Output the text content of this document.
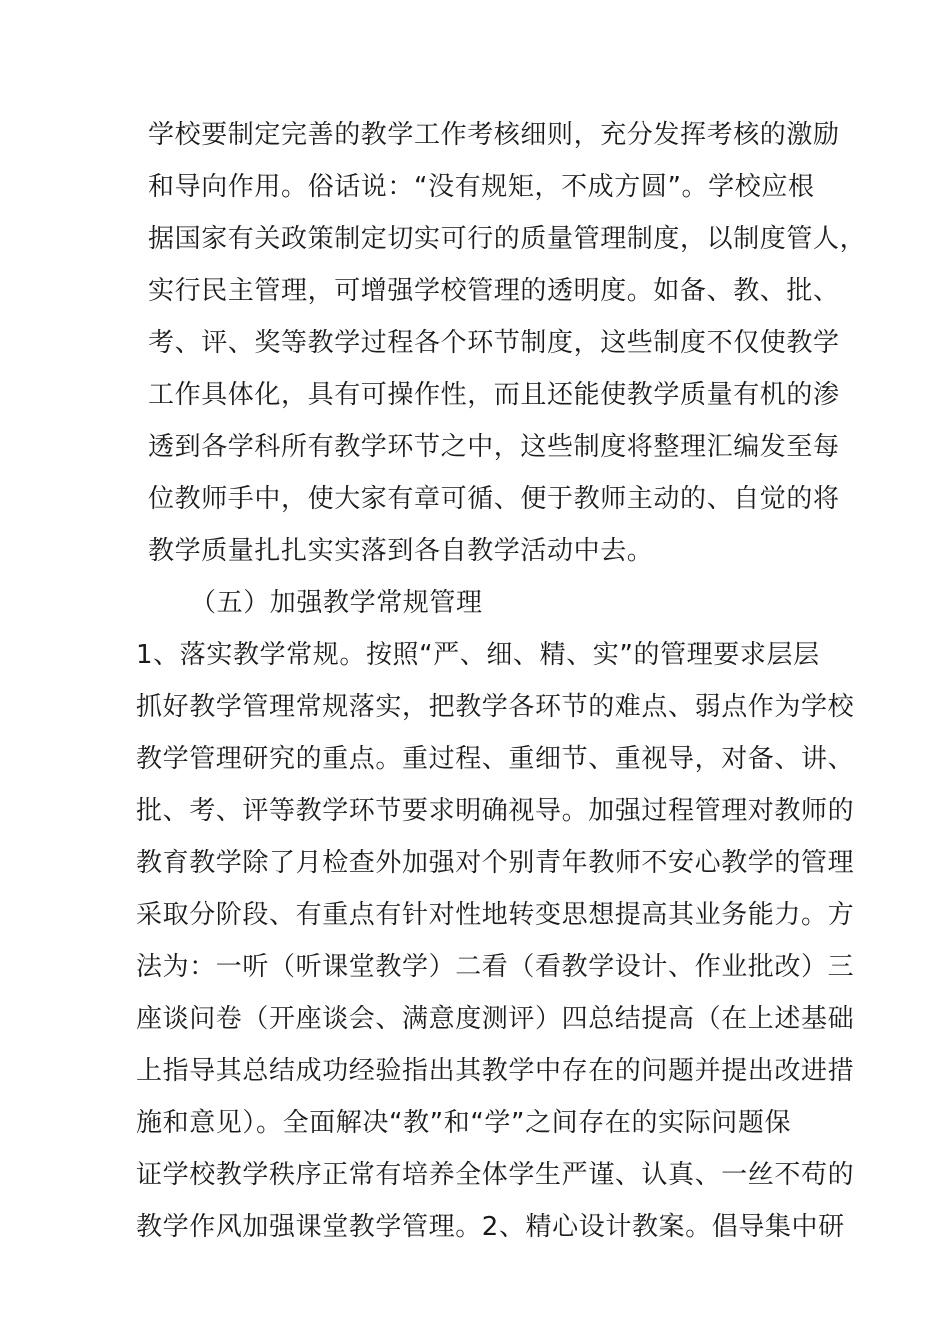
学校要制定完善的教学工作考核细则，充分发挥考核的激励
和导向作用。俗话说：“没有规矩，不成方圆”。学校应根
据国家有关政策制定切实可行的质量管理制度，以制度管人，
实行民主管理，可增强学校管理的透明度。如备、教、批、
考、评、奖等教学过程各个环节制度，这些制度不仅使教学
工作具体化，具有可操作性，而且还能使教学质量有机的渗
透到各学科所有教学环节之中，这些制度将整理汇编发至每
位教师手中，使大家有章可循、便于教师主动的、自觉的将
教学质量扎扎实实落到各自教学活动中去。
（五）加强教学常规管理
1、落实教学常规。按照“严、细、精、实”的管理要求层层
抓好教学管理常规落实，把教学各环节的难点、弱点作为学校
教学管理研究的重点。重过程、重细节、重视导，对备、讲、
批、考、评等教学环节要求明确视导。加强过程管理对教师的
教育教学除了月检查外加强对个别青年教师不安心教学的管理
采取分阶段、有重点有针对性地转变思想提高其业务能力。方
法为：一听（听课堂教学）二看（看教学设计、作业批改）三
座谈问卷（开座谈会、满意度测评）四总结提高（在上述基础
上指导其总结成功经验指出其教学中存在的问题并提出改进措
施和意见）。全面解决“教”和“学”之间存在的实际问题保
证学校教学秩序正常有培养全体学生严谨、认真、一丝不苟的
教学作风加强课堂教学管理。2、精心设计教案。倡导集中研
